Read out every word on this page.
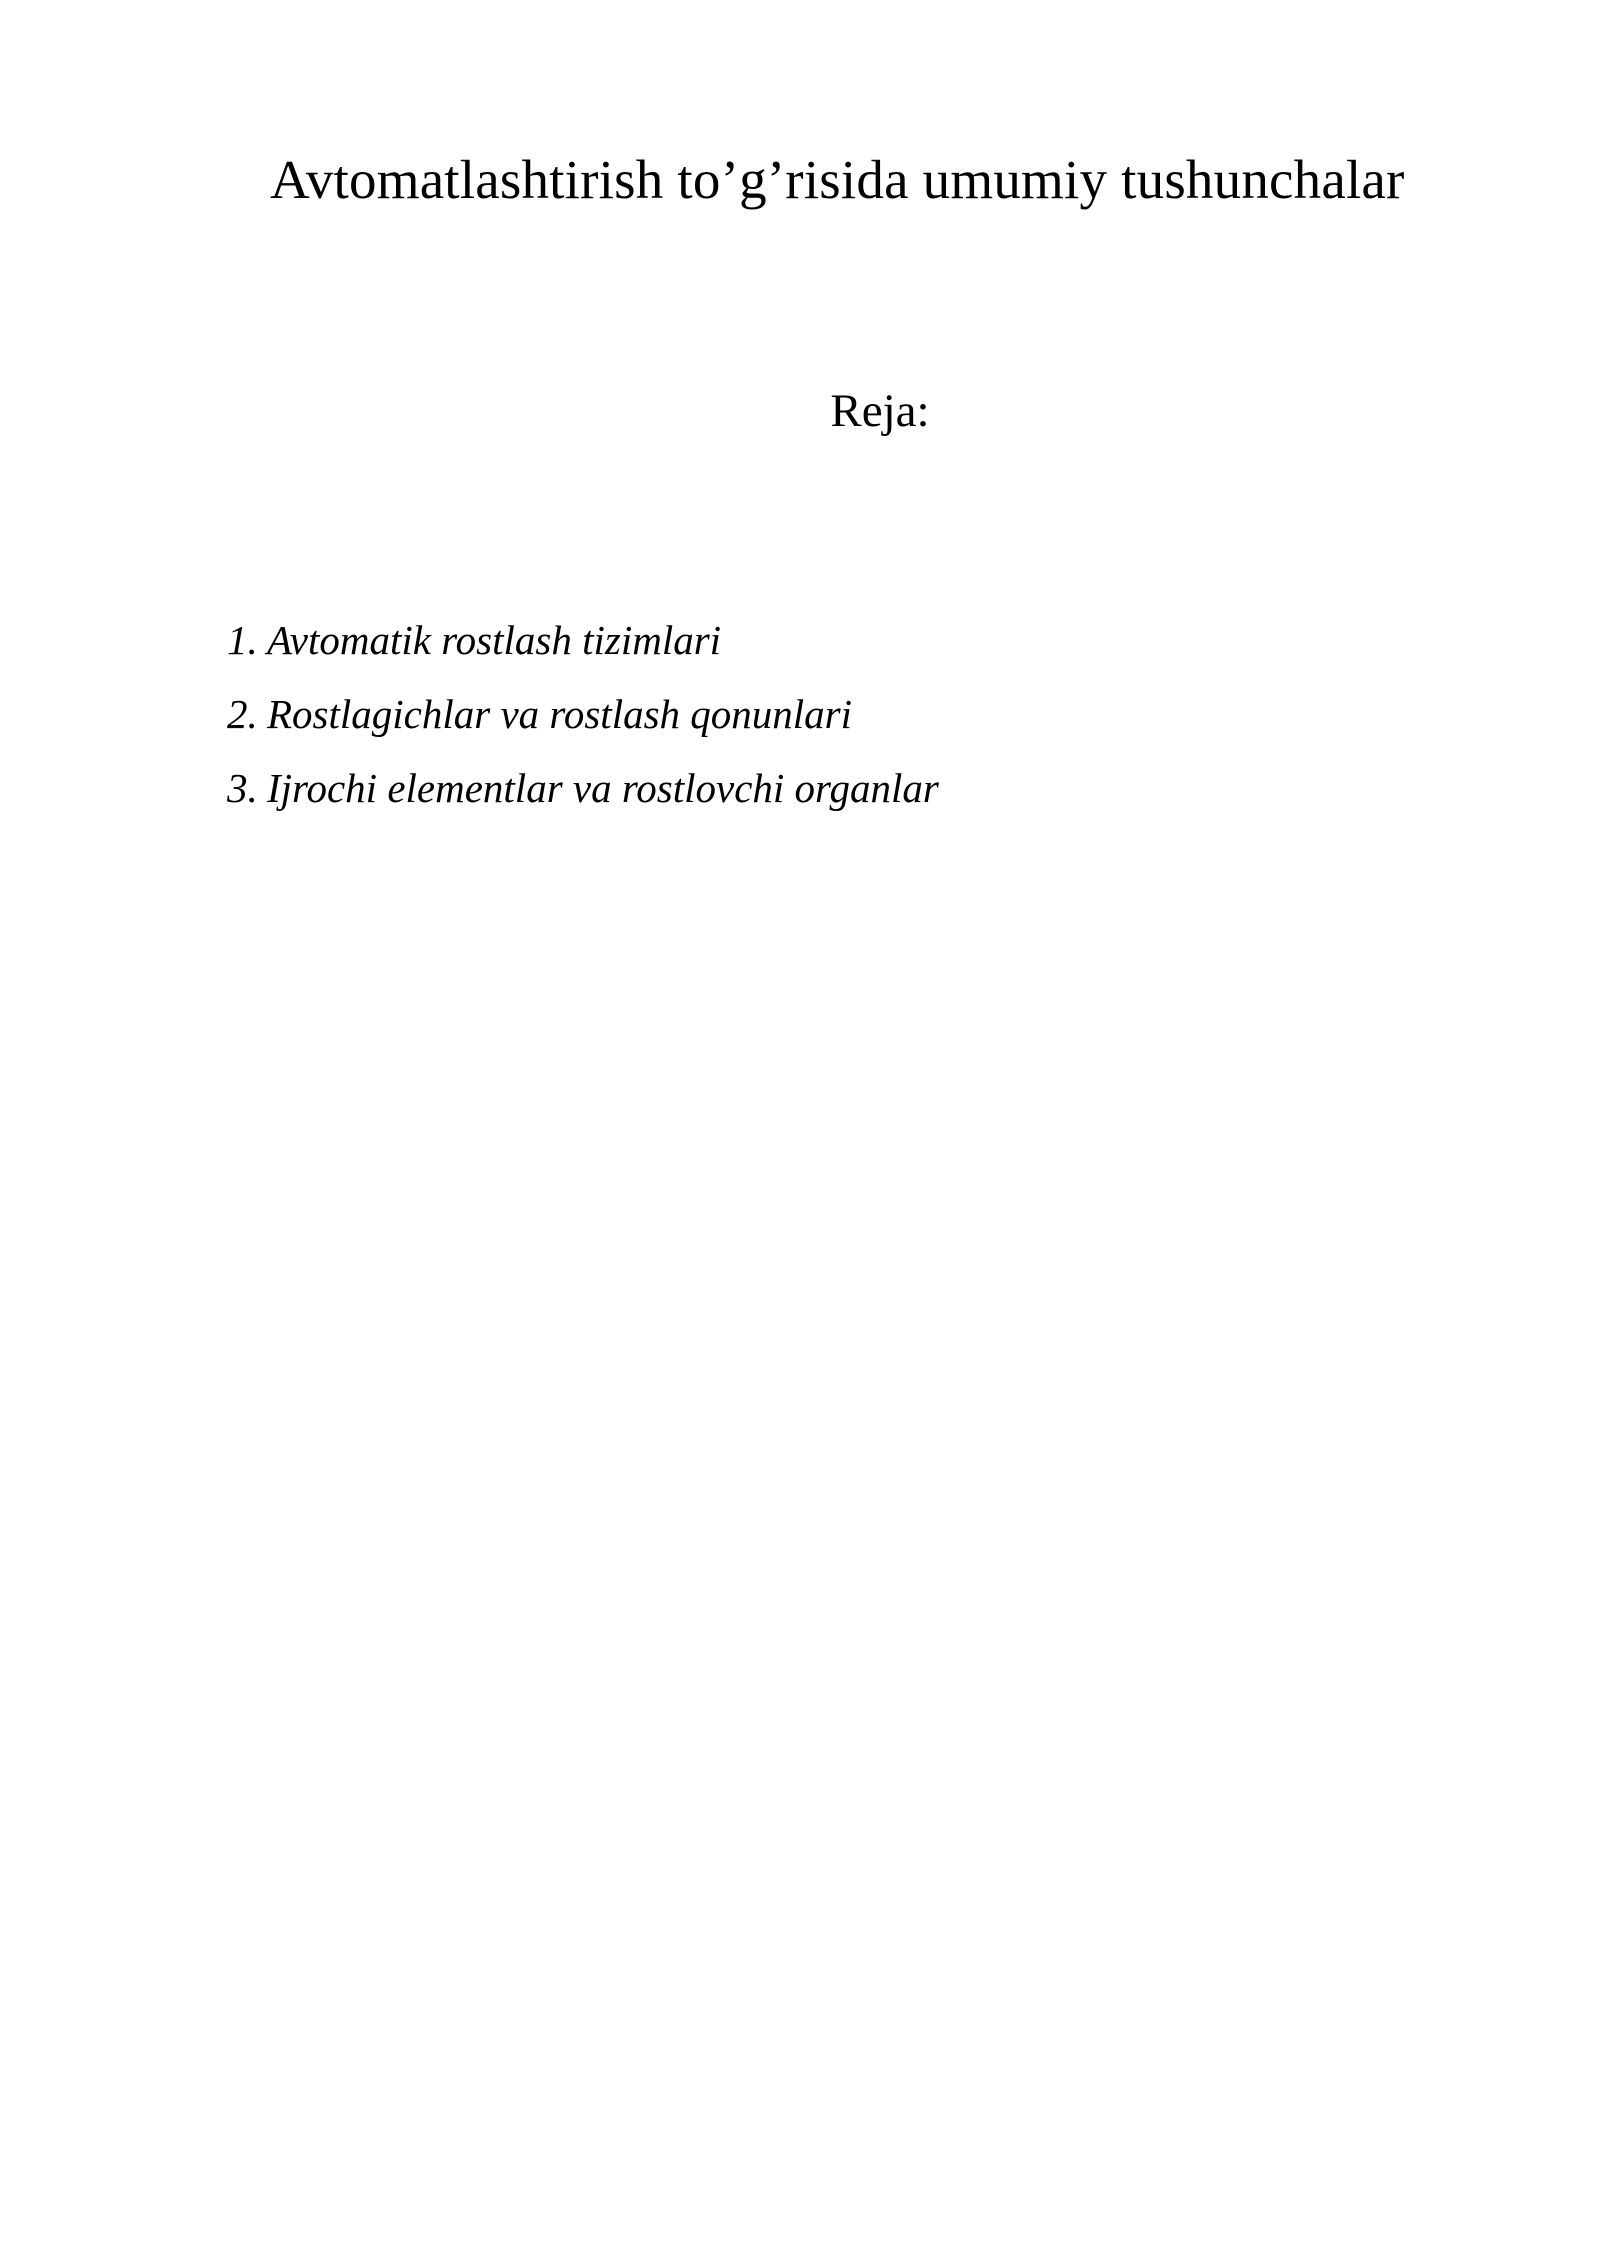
Avtomatlashtirish to’g’risida umumiy tushunchalar
Reja:
1. Avtomatik rostlash tizimlari
2. Rostlagichlar va rostlash qonunlari
3. Ijrochi elementlar va rostlovchi organlar
